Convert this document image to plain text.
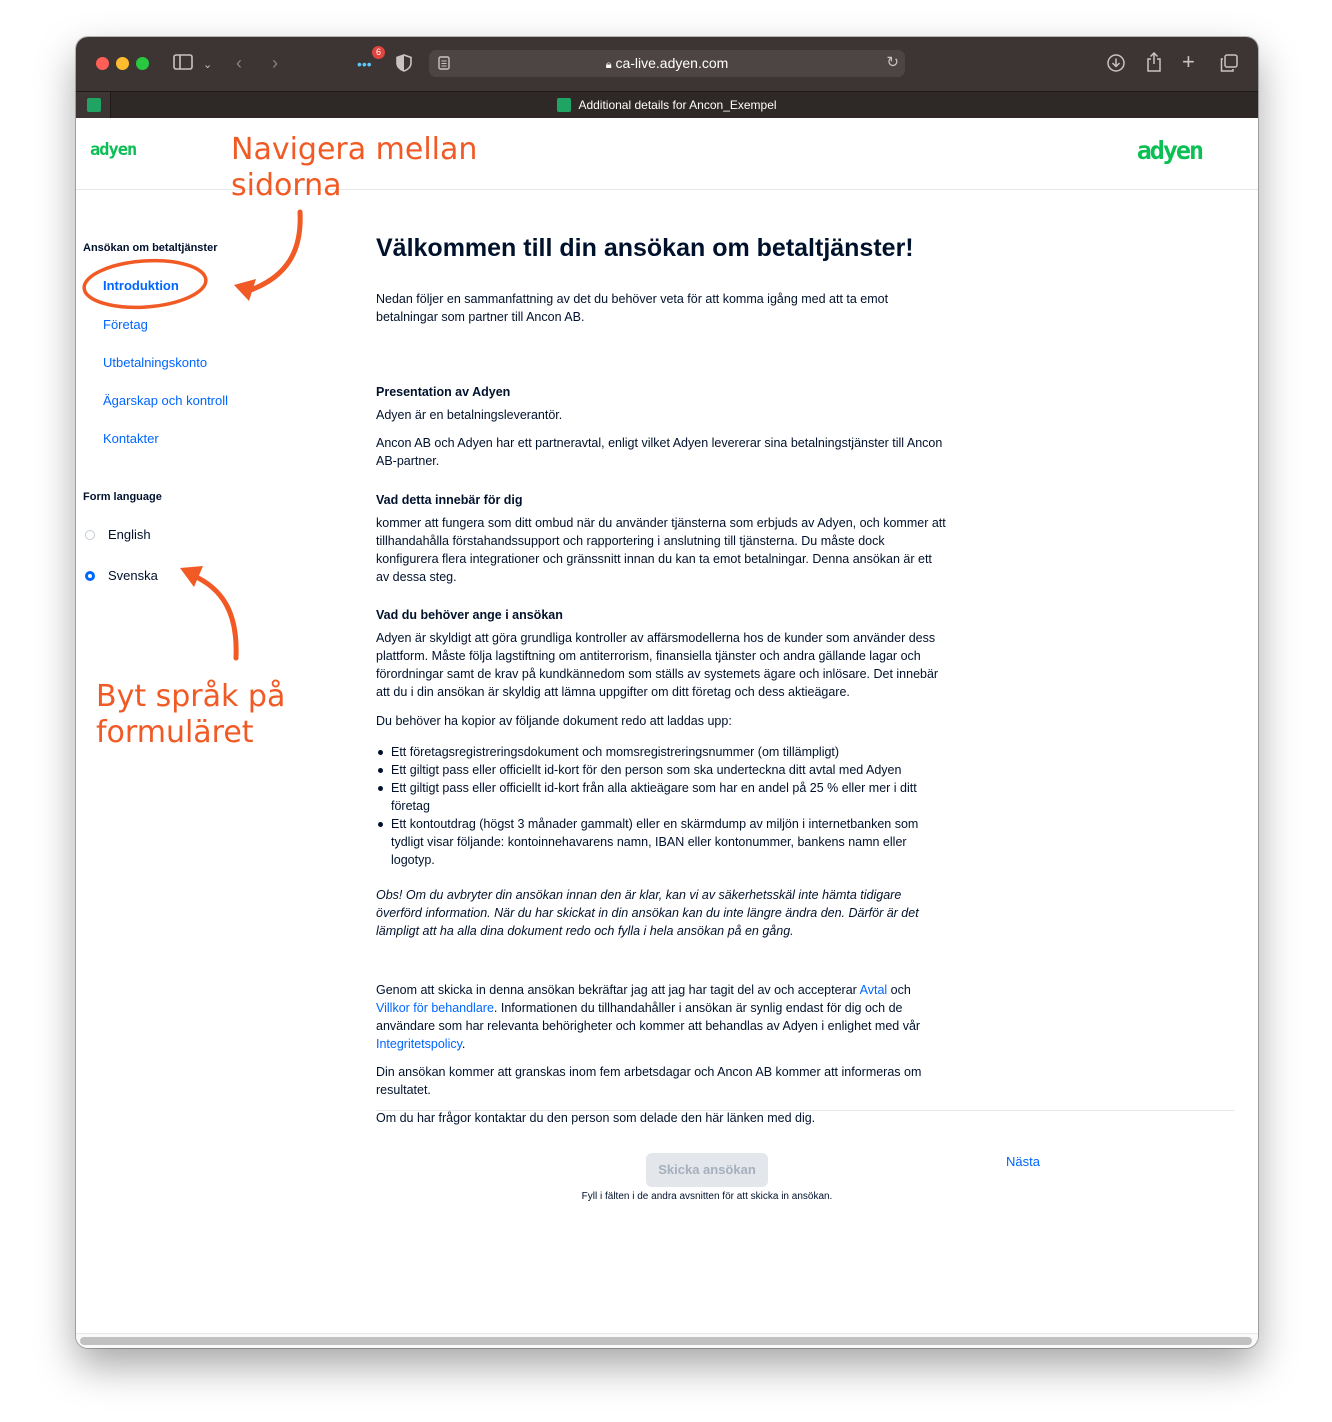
⌄ ‹ ›	•••
6
🔒︎ ca-live.adyen.com	↻	+
Additional details for Ancon_Exempel
adyen	adyen
Ansökan om betaltjänster
Introduktion
Företag
Utbetalningskonto
Ägarskap och kontroll
Kontakter
Form language
English
Svenska
Välkommen till din ansökan om betaltjänster!

Nedan följer en sammanfattning av det du behöver veta för att komma igång med att ta emot betalningar som partner till Ancon AB.

Presentation av Adyen

Adyen är en betalningsleverantör.

Ancon AB och Adyen har ett partneravtal, enligt vilket Adyen levererar sina betalningstjänster till Ancon AB-partner.

Vad detta innebär för dig

kommer att fungera som ditt ombud när du använder tjänsterna som erbjuds av Adyen, och kommer att tillhandahålla förstahandssupport och rapportering i anslutning till tjänsterna. Du måste dock konfigurera flera integrationer och gränssnitt innan du kan ta emot betalningar. Denna ansökan är ett av dessa steg.

Vad du behöver ange i ansökan

Adyen är skyldigt att göra grundliga kontroller av affärsmodellerna hos de kunder som använder dess plattform. Måste följa lagstiftning om antiterrorism, finansiella tjänster och andra gällande lagar och förordningar samt de krav på kundkännedom som ställs av systemets ägare och inlösare. Det innebär att du i din ansökan är skyldig att lämna uppgifter om ditt företag och dess aktieägare.

Du behöver ha kopior av följande dokument redo att laddas upp:

Ett företagsregistreringsdokument och momsregistreringsnummer (om tillämpligt)
Ett giltigt pass eller officiellt id-kort för den person som ska underteckna ditt avtal med Adyen
Ett giltigt pass eller officiellt id-kort från alla aktieägare som har en andel på 25 % eller mer i ditt företag
Ett kontoutdrag (högst 3 månader gammalt) eller en skärmdump av miljön i internetbanken som tydligt visar följande: kontoinnehavarens namn, IBAN eller kontonummer, bankens namn eller logotyp.

Obs! Om du avbryter din ansökan innan den är klar, kan vi av säkerhetsskäl inte hämta tidigare överförd information. När du har skickat in din ansökan kan du inte längre ändra den. Därför är det lämpligt att ha alla dina dokument redo och fylla i hela ansökan på en gång.

Genom att skicka in denna ansökan bekräftar jag att jag har tagit del av och accepterar Avtal och Villkor för behandlare. Informationen du tillhandahåller i ansökan är synlig endast för dig och de användare som har relevanta behörigheter och kommer att behandlas av Adyen i enlighet med vår Integritetspolicy.

Din ansökan kommer att granskas inom fem arbetsdagar och Ancon AB kommer att informeras om resultatet.

Om du har frågor kontaktar du den person som delade den här länken med dig.

Skicka ansökan
Fyll i fälten i de andra avsnitten för att skicka in ansökan.
Nästa
Navigera mellan
sidorna
Byt språk på
formuläret
